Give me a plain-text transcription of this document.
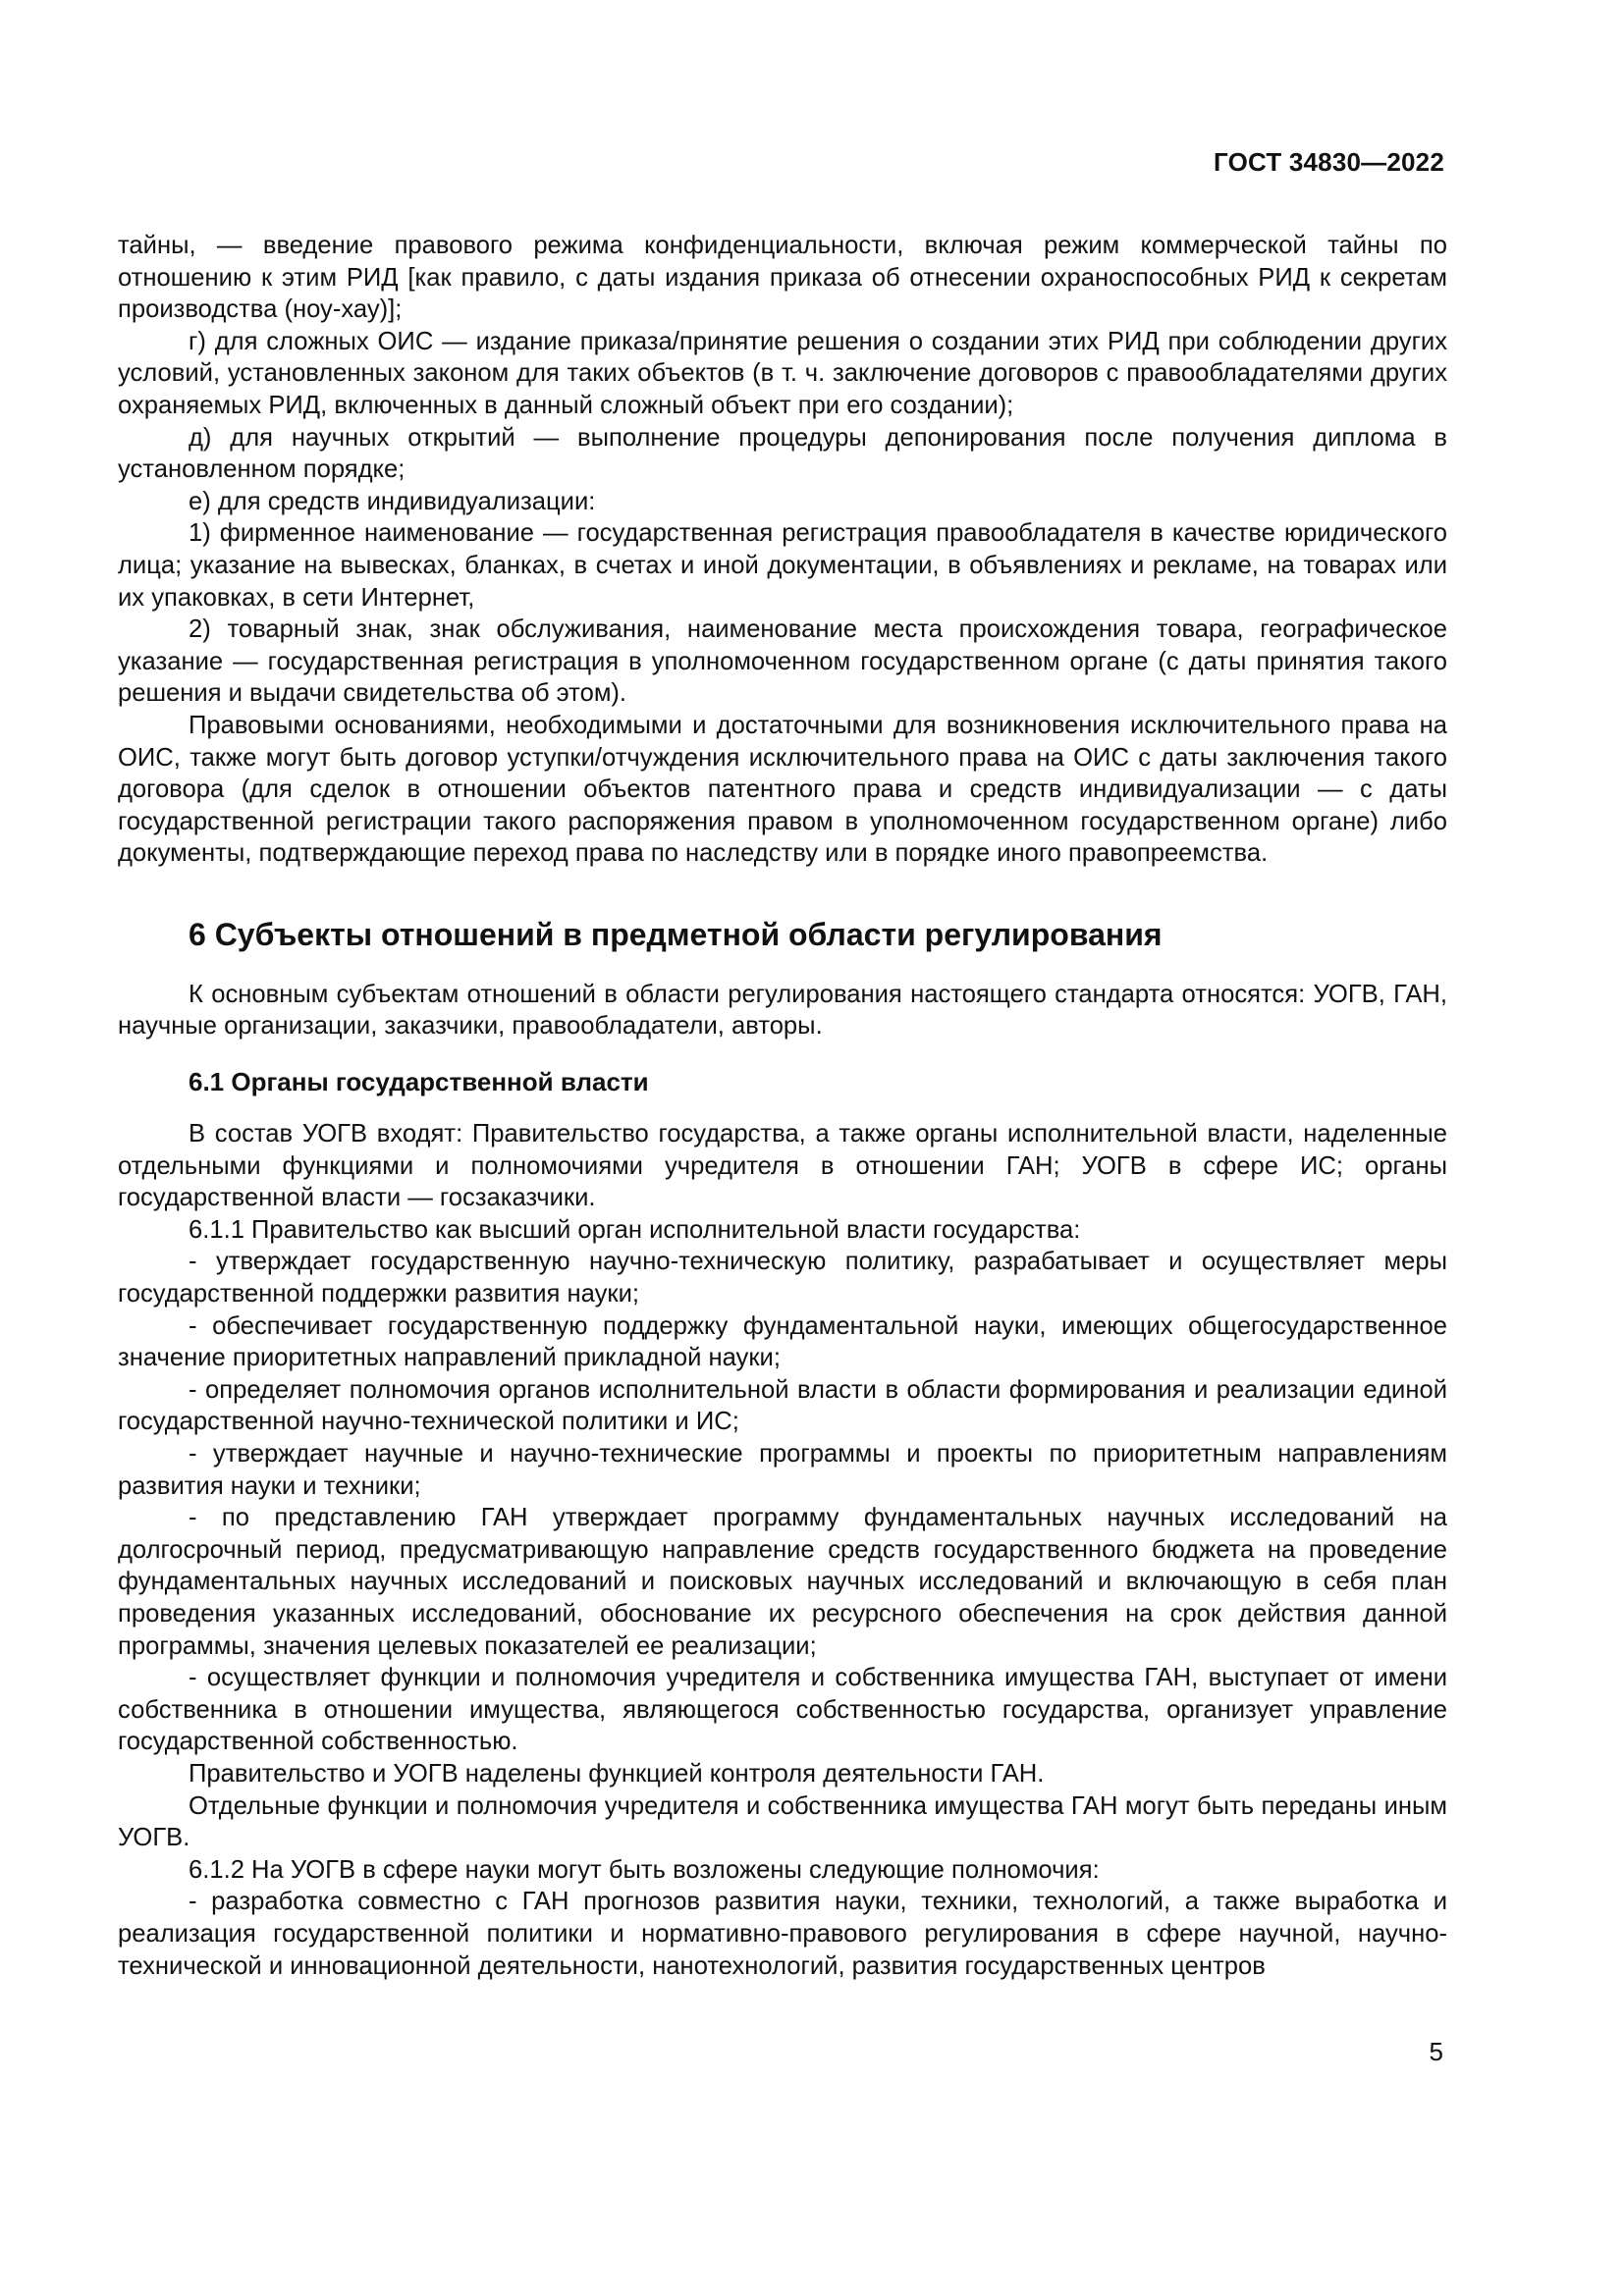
ГОСТ 34830—2022

тайны, — введение правового режима конфиденциальности, включая режим коммерческой тайны по отношению к этим РИД [как правило, с даты издания приказа об отнесении охраноспособных РИД к секретам производства (ноу-хау)];

г) для сложных ОИС — издание приказа/принятие решения о создании этих РИД при соблюдении других условий, установленных законом для таких объектов (в т. ч. заключение договоров с правообладателями других охраняемых РИД, включенных в данный сложный объект при его создании);

д) для научных открытий — выполнение процедуры депонирования после получения диплома в установленном порядке;

е) для средств индивидуализации:

1) фирменное наименование — государственная регистрация правообладателя в качестве юридического лица; указание на вывесках, бланках, в счетах и иной документации, в объявлениях и рекламе, на товарах или их упаковках, в сети Интернет,

2) товарный знак, знак обслуживания, наименование места происхождения товара, географическое указание — государственная регистрация в уполномоченном государственном органе (с даты принятия такого решения и выдачи свидетельства об этом).

Правовыми основаниями, необходимыми и достаточными для возникновения исключительного права на ОИС, также могут быть договор уступки/отчуждения исключительного права на ОИС с даты заключения такого договора (для сделок в отношении объектов патентного права и средств индивидуализации — с даты государственной регистрации такого распоряжения правом в уполномоченном государственном органе) либо документы, подтверждающие переход права по наследству или в порядке иного правопреемства.

6 Субъекты отношений в предметной области регулирования

К основным субъектам отношений в области регулирования настоящего стандарта относятся: УОГВ, ГАН, научные организации, заказчики, правообладатели, авторы.

6.1 Органы государственной власти

В состав УОГВ входят: Правительство государства, а также органы исполнительной власти, наделенные отдельными функциями и полномочиями учредителя в отношении ГАН; УОГВ в сфере ИС; органы государственной власти — госзаказчики.

6.1.1 Правительство как высший орган исполнительной власти государства:

- утверждает государственную научно-техническую политику, разрабатывает и осуществляет меры государственной поддержки развития науки;

- обеспечивает государственную поддержку фундаментальной науки, имеющих общегосударственное значение приоритетных направлений прикладной науки;

- определяет полномочия органов исполнительной власти в области формирования и реализации единой государственной научно-технической политики и ИС;

- утверждает научные и научно-технические программы и проекты по приоритетным направлениям развития науки и техники;

- по представлению ГАН утверждает программу фундаментальных научных исследований на долгосрочный период, предусматривающую направление средств государственного бюджета на проведение фундаментальных научных исследований и поисковых научных исследований и включающую в себя план проведения указанных исследований, обоснование их ресурсного обеспечения на срок действия данной программы, значения целевых показателей ее реализации;

- осуществляет функции и полномочия учредителя и собственника имущества ГАН, выступает от имени собственника в отношении имущества, являющегося собственностью государства, организует управление государственной собственностью.

Правительство и УОГВ наделены функцией контроля деятельности ГАН.

Отдельные функции и полномочия учредителя и собственника имущества ГАН могут быть переданы иным УОГВ.

6.1.2 На УОГВ в сфере науки могут быть возложены следующие полномочия:

- разработка совместно с ГАН прогнозов развития науки, техники, технологий, а также выработка и реализация государственной политики и нормативно-правового регулирования в сфере научной, научно-технической и инновационной деятельности, нанотехнологий, развития государственных центров

5
